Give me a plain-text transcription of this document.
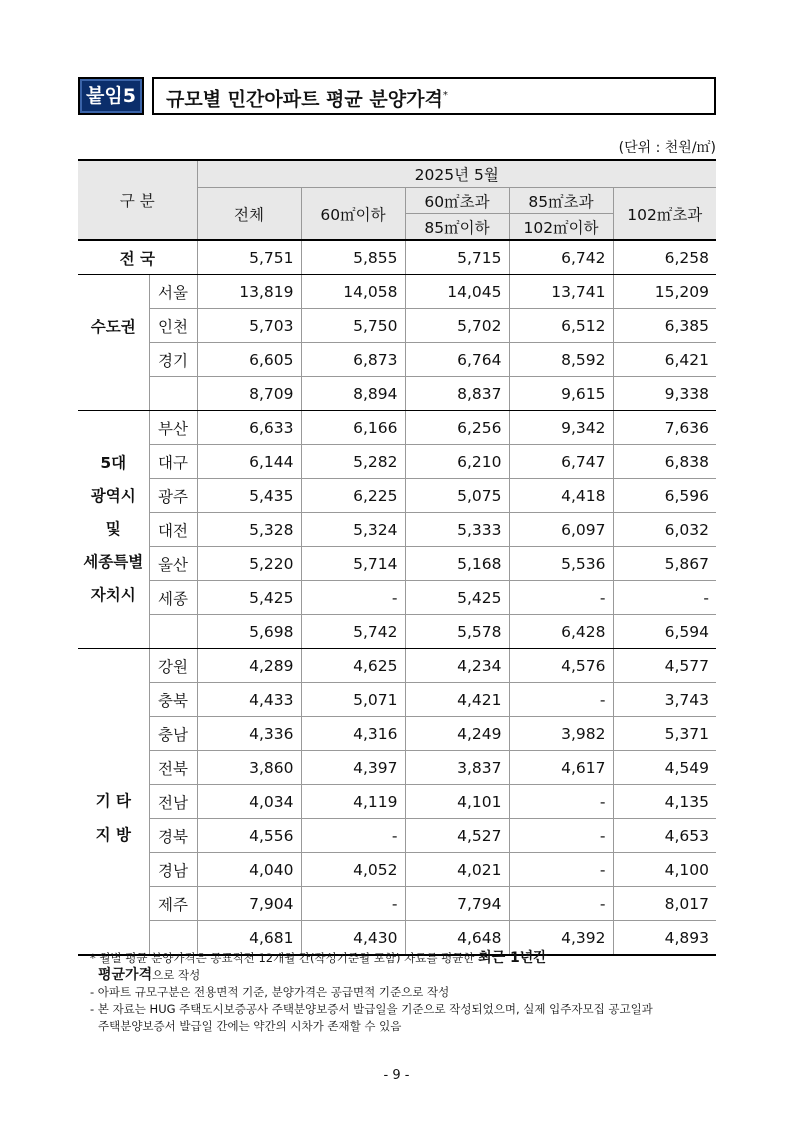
붙임5	규모별 민간아파트 평균 분양가격*
(단위 : 천원/㎡)
구 분		2025년 5월				
		전체	60㎡이하	60㎡초과	85㎡초과	102㎡초과
				85㎡이하	102㎡이하	
전 국		5,751	5,855	5,715	6,742	6,258
수도권	서울	13,819	14,058	14,045	13,741	15,209
	인천	5,703	5,750	5,702	6,512	6,385
	경기	6,605	6,873	6,764	8,592	6,421
		8,709	8,894	8,837	9,615	9,338

5대
광역시
및
세종특별
자치시	부산	6,633	6,166	6,256	9,342	7,636
	대구	6,144	5,282	6,210	6,747	6,838
	광주	5,435	6,225	5,075	4,418	6,596
	대전	5,328	5,324	5,333	6,097	6,032
	울산	5,220	5,714	5,168	5,536	5,867
	세종	5,425	-	5,425	-	-
		5,698	5,742	5,578	6,428	6,594

기 타
지 방	강원	4,289	4,625	4,234	4,576	4,577
	충북	4,433	5,071	4,421	-	3,743
	충남	4,336	4,316	4,249	3,982	5,371
	전북	3,860	4,397	3,837	4,617	4,549
	전남	4,034	4,119	4,101	-	4,135
	경북	4,556	-	4,527	-	4,653
	경남	4,040	4,052	4,021	-	4,100
	제주	7,904	-	7,794	-	8,017
		4,681	4,430	4,648	4,392	4,893
* 월별 평균 분양가격은 공표직전 12개월 간(작성기준월 포함) 자료를 평균한 최근 1년간
평균가격으로 작성
- 아파트 규모구분은 전용면적 기준, 분양가격은 공급면적 기준으로 작성
- 본 자료는 HUG 주택도시보증공사 주택분양보증서 발급일을 기준으로 작성되었으며, 실제 입주자모집 공고일과
주택분양보증서 발급일 간에는 약간의 시차가 존재할 수 있음
- 9 -
